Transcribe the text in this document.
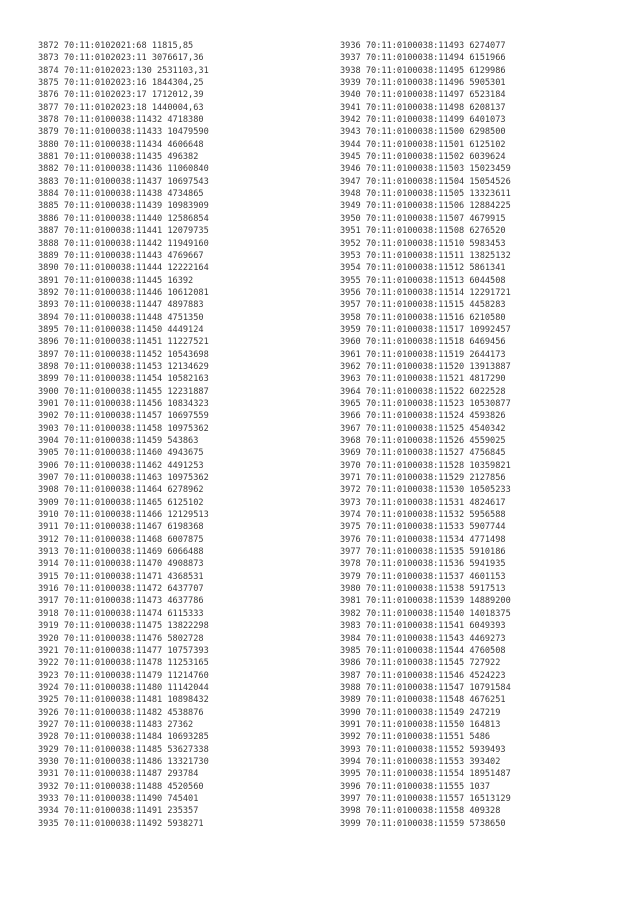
3872 70:11:0102021:68 11815,85
3873 70:11:0102023:11 3076617,36
3874 70:11:0102023:130 2531103,31
3875 70:11:0102023:16 1844304,25
3876 70:11:0102023:17 1712012,39
3877 70:11:0102023:18 1440004,63
3878 70:11:0100038:11432 4718380
3879 70:11:0100038:11433 10479590
3880 70:11:0100038:11434 4606648
3881 70:11:0100038:11435 496382
3882 70:11:0100038:11436 11060840
3883 70:11:0100038:11437 10697543
3884 70:11:0100038:11438 4734865
3885 70:11:0100038:11439 10983909
3886 70:11:0100038:11440 12586854
3887 70:11:0100038:11441 12079735
3888 70:11:0100038:11442 11949160
3889 70:11:0100038:11443 4769667
3890 70:11:0100038:11444 12222164
3891 70:11:0100038:11445 16392
3892 70:11:0100038:11446 10612081
3893 70:11:0100038:11447 4897883
3894 70:11:0100038:11448 4751350
3895 70:11:0100038:11450 4449124
3896 70:11:0100038:11451 11227521
3897 70:11:0100038:11452 10543698
3898 70:11:0100038:11453 12134629
3899 70:11:0100038:11454 10582163
3900 70:11:0100038:11455 12231887
3901 70:11:0100038:11456 10834323
3902 70:11:0100038:11457 10697559
3903 70:11:0100038:11458 10975362
3904 70:11:0100038:11459 543863
3905 70:11:0100038:11460 4943675
3906 70:11:0100038:11462 4491253
3907 70:11:0100038:11463 10975362
3908 70:11:0100038:11464 6278962
3909 70:11:0100038:11465 6125102
3910 70:11:0100038:11466 12129513
3911 70:11:0100038:11467 6198368
3912 70:11:0100038:11468 6007875
3913 70:11:0100038:11469 6066488
3914 70:11:0100038:11470 4908873
3915 70:11:0100038:11471 4368531
3916 70:11:0100038:11472 6437707
3917 70:11:0100038:11473 4637786
3918 70:11:0100038:11474 6115333
3919 70:11:0100038:11475 13822298
3920 70:11:0100038:11476 5802728
3921 70:11:0100038:11477 10757393
3922 70:11:0100038:11478 11253165
3923 70:11:0100038:11479 11214760
3924 70:11:0100038:11480 11142044
3925 70:11:0100038:11481 10898432
3926 70:11:0100038:11482 4538876
3927 70:11:0100038:11483 27362
3928 70:11:0100038:11484 10693285
3929 70:11:0100038:11485 53627338
3930 70:11:0100038:11486 13321730
3931 70:11:0100038:11487 293784
3932 70:11:0100038:11488 4520560
3933 70:11:0100038:11490 745401
3934 70:11:0100038:11491 235357
3935 70:11:0100038:11492 5938271
3936 70:11:0100038:11493 6274077
3937 70:11:0100038:11494 6151966
3938 70:11:0100038:11495 6129986
3939 70:11:0100038:11496 5905301
3940 70:11:0100038:11497 6523184
3941 70:11:0100038:11498 6208137
3942 70:11:0100038:11499 6401073
3943 70:11:0100038:11500 6298500
3944 70:11:0100038:11501 6125102
3945 70:11:0100038:11502 6039624
3946 70:11:0100038:11503 15023459
3947 70:11:0100038:11504 15054526
3948 70:11:0100038:11505 13323611
3949 70:11:0100038:11506 12884225
3950 70:11:0100038:11507 4679915
3951 70:11:0100038:11508 6276520
3952 70:11:0100038:11510 5983453
3953 70:11:0100038:11511 13825132
3954 70:11:0100038:11512 5861341
3955 70:11:0100038:11513 6044508
3956 70:11:0100038:11514 12291721
3957 70:11:0100038:11515 4458283
3958 70:11:0100038:11516 6210580
3959 70:11:0100038:11517 10992457
3960 70:11:0100038:11518 6469456
3961 70:11:0100038:11519 2644173
3962 70:11:0100038:11520 13913887
3963 70:11:0100038:11521 4817290
3964 70:11:0100038:11522 6022528
3965 70:11:0100038:11523 10530877
3966 70:11:0100038:11524 4593826
3967 70:11:0100038:11525 4540342
3968 70:11:0100038:11526 4559025
3969 70:11:0100038:11527 4756845
3970 70:11:0100038:11528 10359821
3971 70:11:0100038:11529 2127856
3972 70:11:0100038:11530 10505233
3973 70:11:0100038:11531 4824617
3974 70:11:0100038:11532 5956588
3975 70:11:0100038:11533 5907744
3976 70:11:0100038:11534 4771498
3977 70:11:0100038:11535 5910186
3978 70:11:0100038:11536 5941935
3979 70:11:0100038:11537 4601153
3980 70:11:0100038:11538 5917513
3981 70:11:0100038:11539 14889200
3982 70:11:0100038:11540 14018375
3983 70:11:0100038:11541 6049393
3984 70:11:0100038:11543 4469273
3985 70:11:0100038:11544 4760508
3986 70:11:0100038:11545 727922
3987 70:11:0100038:11546 4524223
3988 70:11:0100038:11547 10791584
3989 70:11:0100038:11548 4676251
3990 70:11:0100038:11549 247219
3991 70:11:0100038:11550 164813
3992 70:11:0100038:11551 5486
3993 70:11:0100038:11552 5939493
3994 70:11:0100038:11553 393402
3995 70:11:0100038:11554 18951487
3996 70:11:0100038:11555 1037
3997 70:11:0100038:11557 16513129
3998 70:11:0100038:11558 409328
3999 70:11:0100038:11559 5738650
